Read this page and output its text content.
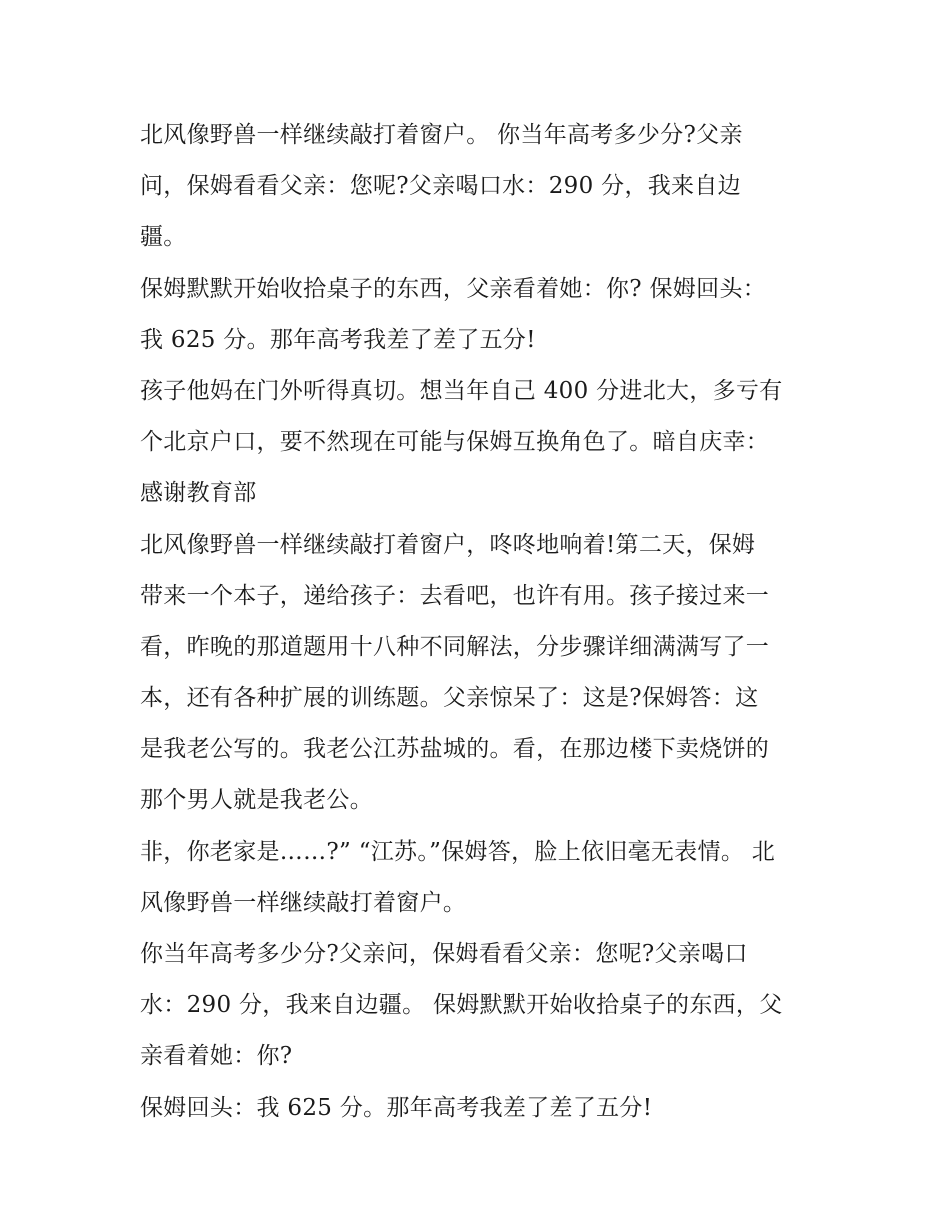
北风像野兽一样继续敲打着窗户。 你当年高考多少分?父亲
问，保姆看看父亲：您呢?父亲喝口水：290 分，我来自边
疆。

保姆默默开始收拾桌子的东西，父亲看着她：你? 保姆回头：
我 625 分。那年高考我差了差了五分!

孩子他妈在门外听得真切。想当年自己 400 分进北大，多亏有
个北京户口，要不然现在可能与保姆互换角色了。暗自庆幸：
感谢教育部

北风像野兽一样继续敲打着窗户，咚咚地响着!第二天，保姆
带来一个本子，递给孩子：去看吧，也许有用。孩子接过来一
看，昨晚的那道题用十八种不同解法，分步骤详细满满写了一
本，还有各种扩展的训练题。父亲惊呆了：这是?保姆答：这
是我老公写的。我老公江苏盐城的。看，在那边楼下卖烧饼的
那个男人就是我老公。

非，你老家是……?” “江苏。”保姆答，脸上依旧毫无表情。 北
风像野兽一样继续敲打着窗户。

你当年高考多少分?父亲问，保姆看看父亲：您呢?父亲喝口
水：290 分，我来自边疆。 保姆默默开始收拾桌子的东西，父
亲看着她：你?

保姆回头：我 625 分。那年高考我差了差了五分!
